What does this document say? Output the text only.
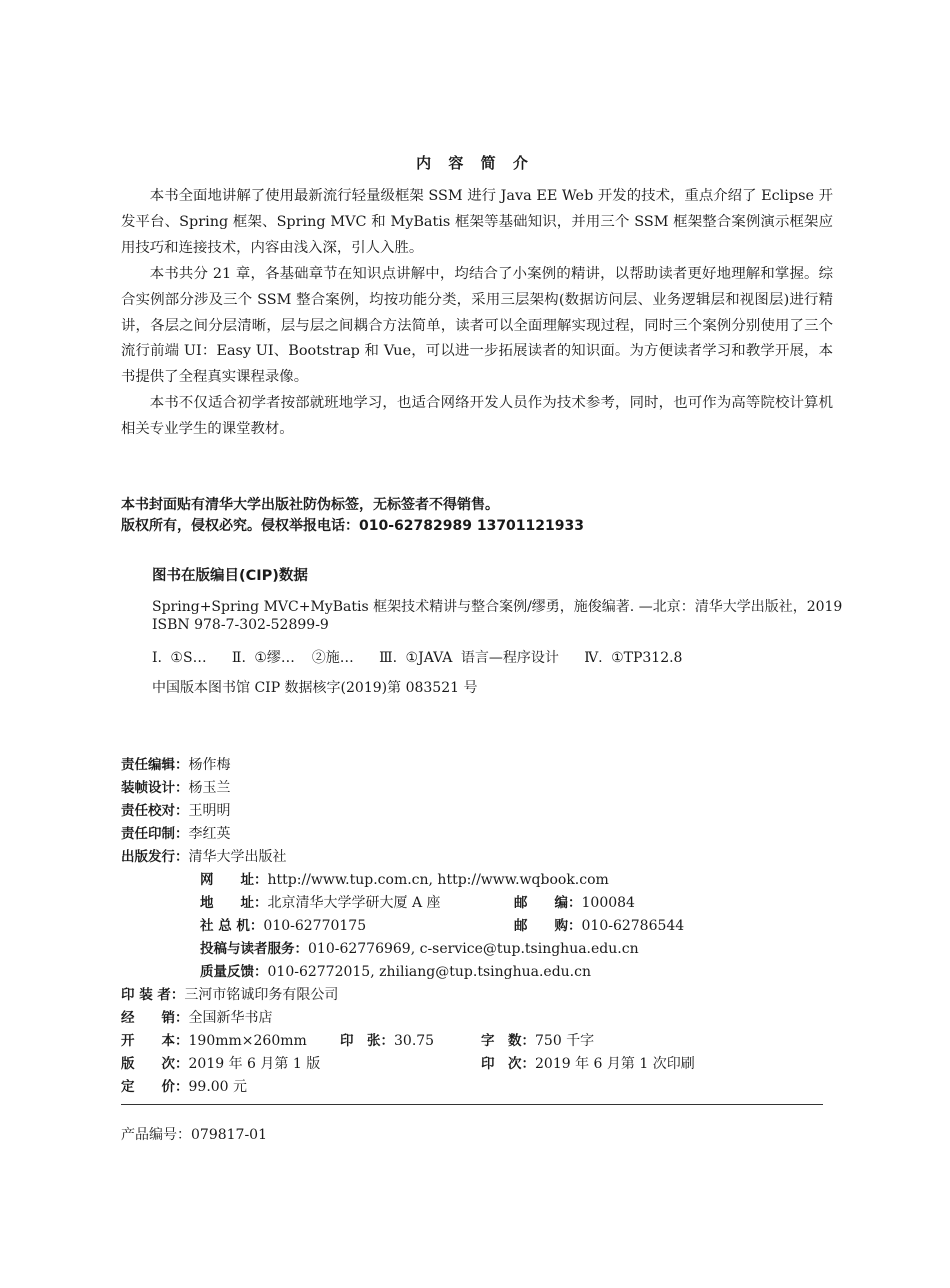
内 容 简 介

本书全面地讲解了使用最新流行轻量级框架 SSM 进行 Java EE Web 开发的技术，重点介绍了 Eclipse 开发平台、Spring 框架、Spring MVC 和 MyBatis 框架等基础知识，并用三个 SSM 框架整合案例演示框架应用技巧和连接技术，内容由浅入深，引人入胜。

本书共分 21 章，各基础章节在知识点讲解中，均结合了小案例的精讲，以帮助读者更好地理解和掌握。综合实例部分涉及三个 SSM 整合案例，均按功能分类，采用三层架构(数据访问层、业务逻辑层和视图层)进行精讲，各层之间分层清晰，层与层之间耦合方法简单，读者可以全面理解实现过程，同时三个案例分别使用了三个流行前端 UI：Easy UI、Bootstrap 和 Vue，可以进一步拓展读者的知识面。为方便读者学习和教学开展，本书提供了全程真实课程录像。

本书不仅适合初学者按部就班地学习，也适合网络开发人员作为技术参考，同时，也可作为高等院校计算机相关专业学生的课堂教材。

本书封面贴有清华大学出版社防伪标签，无标签者不得销售。
版权所有，侵权必究。侵权举报电话：010-62782989 13701121933
图书在版编目(CIP)数据
Spring+Spring MVC+MyBatis 框架技术精讲与整合案例/缪勇，施俊编著. —北京：清华大学出版社，2019
ISBN 978-7-302-52899-9
Ⅰ. ①S…   Ⅱ. ①缪…  ②施…   Ⅲ. ①JAVA 语言—程序设计   Ⅳ. ①TP312.8
中国版本图书馆 CIP 数据核字(2019)第 083521 号
责任编辑：杨作梅
装帧设计：杨玉兰
责任校对：王明明
责任印制：李红英
出版发行：清华大学出版社
网　　址：http://www.tup.com.cn, http://www.wqbook.com
地　　址：北京清华大学学研大厦 A 座	邮　　编：100084
社 总 机：010-62770175	邮　　购：010-62786544
投稿与读者服务：010-62776969, c-service@tup.tsinghua.edu.cn
质量反馈：010-62772015, zhiliang@tup.tsinghua.edu.cn
印 装 者：三河市铭诚印务有限公司
经　　销：全国新华书店
开　　本：190mm×260mm 印　张：30.75	字　数：750 千字
版　　次：2019 年 6 月第 1 版	印　次：2019 年 6 月第 1 次印刷
定　　价：99.00 元
产品编号：079817-01
